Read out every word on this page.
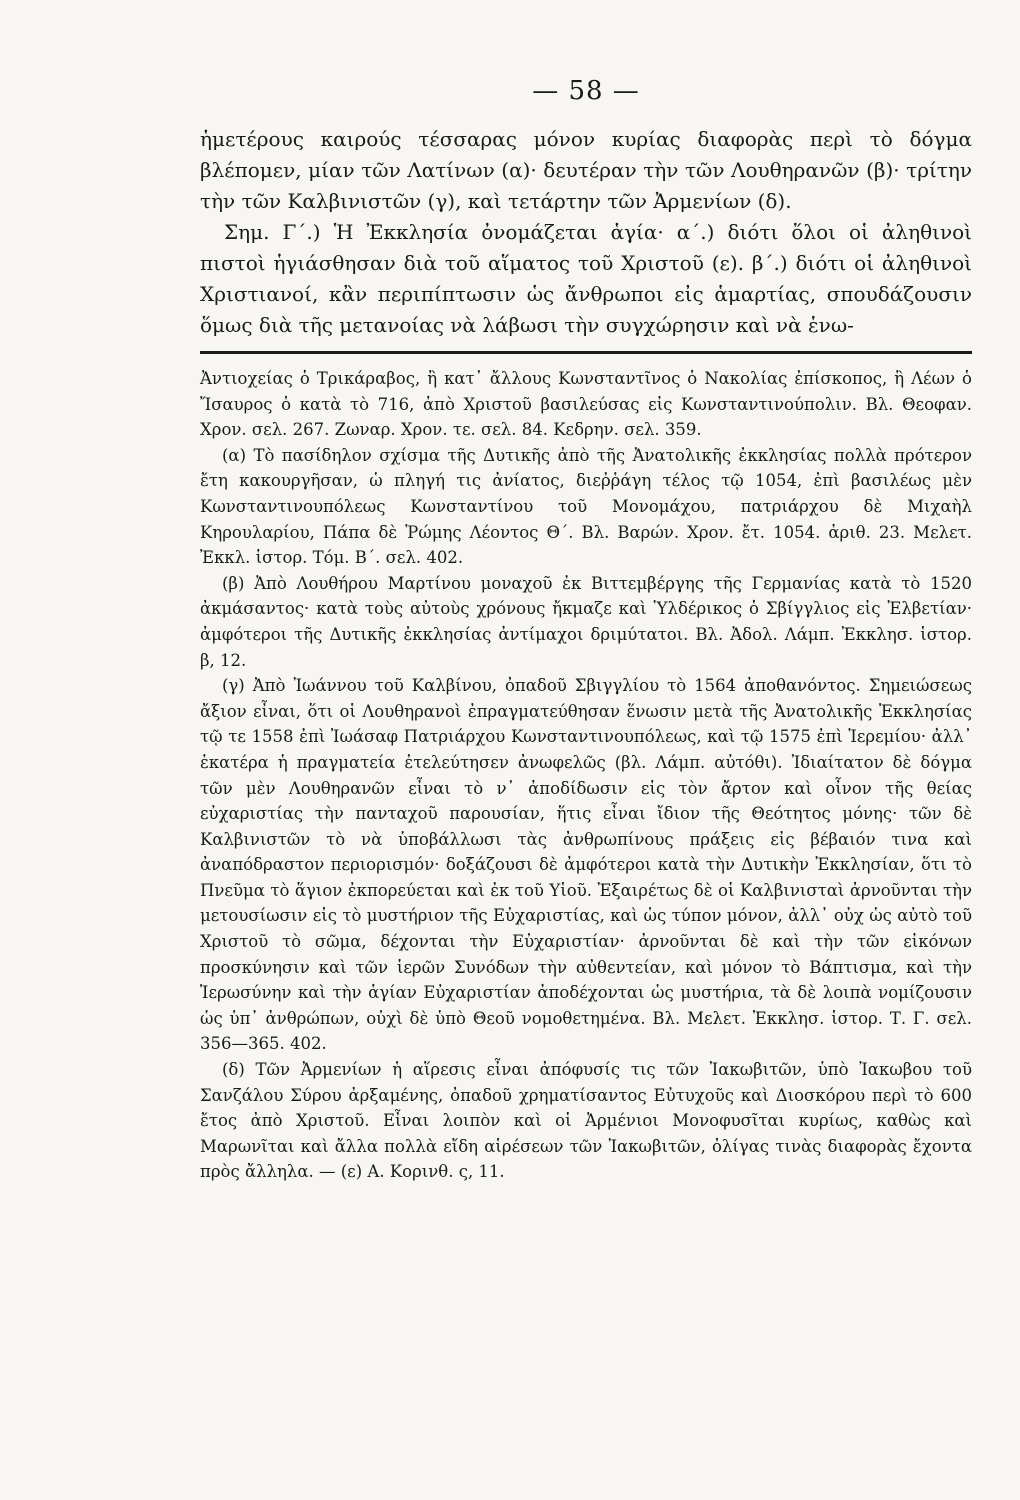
— 58 —

ἡμετέρους καιρούς τέσσαρας μόνον κυρίας διαφορὰς περὶ τὸ δόγμα βλέπομεν, μίαν τῶν Λατίνων (α)· δευτέραν τὴν τῶν Λουθηρανῶν (β)· τρίτην τὴν τῶν Καλβινιστῶν (γ), καὶ τετάρτην τῶν Ἀρμενίων (δ).

Σημ. Γ΄.) Ἡ Ἐκκλησία ὀνομάζεται ἁγία· α΄.) διότι ὅλοι οἱ ἀληθινοὶ πιστοὶ ἡγιάσθησαν διὰ τοῦ αἵματος τοῦ Χριστοῦ (ε). β΄.) διότι οἱ ἀληθινοὶ Χριστιανοί, κἂν περιπίπτωσιν ὡς ἄνθρωποι εἰς ἁμαρτίας, σπουδάζουσιν ὅμως διὰ τῆς μετανοίας νὰ λάβωσι τὴν συγχώρησιν καὶ νὰ ἑνω-

Ἀντιοχείας ὁ Τρικάραβος, ἢ κατ᾽ ἄλλους Κωνσταντῖνος ὁ Νακολίας ἐπίσκοπος, ἢ Λέων ὁ Ἴσαυρος ὁ κατὰ τὸ 716, ἀπὸ Χριστοῦ βασιλεύσας εἰς Κωνσταντινούπολιν. Βλ. Θεοφαν. Χρον. σελ. 267. Ζωναρ. Χρον. τε. σελ. 84. Κεδρην. σελ. 359.

(α) Τὸ πασίδηλον σχίσμα τῆς Δυτικῆς ἀπὸ τῆς Ἀνατολικῆς ἐκκλησίας πολλὰ πρότερον ἔτη κακουργῆσαν, ὡ πληγή τις ἀνίατος, διεῤῥάγη τέλος τῷ 1054, ἐπὶ βασιλέως μὲν Κωνσταντινουπόλεως Κωνσταντίνου τοῦ Μονομάχου, πατριάρχου δὲ Μιχαὴλ Κηρουλαρίου, Πάπα δὲ Ῥώμης Λέοντος Θ΄. Βλ. Βαρών. Χρον. ἔτ. 1054. ἀριθ. 23. Μελετ. Ἐκκλ. ἱστορ. Τόμ. Β΄. σελ. 402.

(β) Ἀπὸ Λουθήρου Μαρτίνου μοναχοῦ ἐκ Βιττεμβέργης τῆς Γερμανίας κατὰ τὸ 1520 ἀκμάσαντος· κατὰ τοὺς αὐτοὺς χρόνους ἤκμαζε καὶ Ὑλδέρικος ὁ Σβίγγλιος εἰς Ἐλβετίαν· ἀμφότεροι τῆς Δυτικῆς ἐκκλησίας ἀντίμαχοι δριμύτατοι. Βλ. Ἀδολ. Λάμπ. Ἐκκλησ. ἱστορ. β, 12.

(γ) Ἀπὸ Ἰωάννου τοῦ Καλβίνου, ὀπαδοῦ Σβιγγλίου τὸ 1564 ἀποθανόντος. Σημειώσεως ἄξιον εἶναι, ὅτι οἱ Λουθηρανοὶ ἐπραγματεύθησαν ἕνωσιν μετὰ τῆς Ἀνατολικῆς Ἐκκλησίας τῷ τε 1558 ἐπὶ Ἰωάσαφ Πατριάρχου Κωνσταντινουπόλεως, καὶ τῷ 1575 ἐπὶ Ἱερεμίου· ἀλλ᾽ ἑκατέρα ἡ πραγματεία ἐτελεύτησεν ἀνωφελῶς (βλ. Λάμπ. αὐτόθι). Ἰδιαίτατον δὲ δόγμα τῶν μὲν Λουθηρανῶν εἶναι τὸ ν᾽ ἀποδίδωσιν εἰς τὸν ἄρτον καὶ οἶνον τῆς θείας εὐχαριστίας τὴν πανταχοῦ παρουσίαν, ἥτις εἶναι ἴδιον τῆς Θεότητος μόνης· τῶν δὲ Καλβινιστῶν τὸ νὰ ὑποβάλλωσι τὰς ἀνθρωπίνους πράξεις εἰς βέβαιόν τινα καὶ ἀναπόδραστον περιορισμόν· δοξάζουσι δὲ ἀμφότεροι κατὰ τὴν Δυτικὴν Ἐκκλησίαν, ὅτι τὸ Πνεῦμα τὸ ἅγιον ἐκπορεύεται καὶ ἐκ τοῦ Υἱοῦ. Ἐξαιρέτως δὲ οἱ Καλβινισταὶ ἀρνοῦνται τὴν μετουσίωσιν εἰς τὸ μυστήριον τῆς Εὐχαριστίας, καὶ ὡς τύπον μόνον, ἀλλ᾽ οὐχ ὡς αὐτὸ τοῦ Χριστοῦ τὸ σῶμα, δέχονται τὴν Εὐχαριστίαν· ἀρνοῦνται δὲ καὶ τὴν τῶν εἰκόνων προσκύνησιν καὶ τῶν ἱερῶν Συνόδων τὴν αὐθεντείαν, καὶ μόνον τὸ Βάπτισμα, καὶ τὴν Ἱερωσύνην καὶ τὴν ἁγίαν Εὐχαριστίαν ἀποδέχονται ὡς μυστήρια, τὰ δὲ λοιπὰ νομίζουσιν ὡς ὑπ᾽ ἀνθρώπων, οὐχὶ δὲ ὑπὸ Θεοῦ νομοθετημένα. Βλ. Μελετ. Ἐκκλησ. ἱστορ. Τ. Γ. σελ. 356—365. 402.

(δ) Τῶν Ἀρμενίων ἡ αἵρεσις εἶναι ἀπόφυσίς τις τῶν Ἰακωβιτῶν, ὑπὸ Ἰακωβου τοῦ Σανζάλου Σύρου ἀρξαμένης, ὀπαδοῦ χρηματίσαντος Εὐτυχοῦς καὶ Διοσκόρου περὶ τὸ 600 ἔτος ἀπὸ Χριστοῦ. Εἶναι λοιπὸν καὶ οἱ Ἀρμένιοι Μονοφυσῖται κυρίως, καθὼς καὶ Μαρωνῖται καὶ ἄλλα πολλὰ εἴδη αἱρέσεων τῶν Ἰακωβιτῶν, ὀλίγας τινὰς διαφορὰς ἔχοντα πρὸς ἄλληλα. — (ε) Α. Κορινθ. ς, 11.
